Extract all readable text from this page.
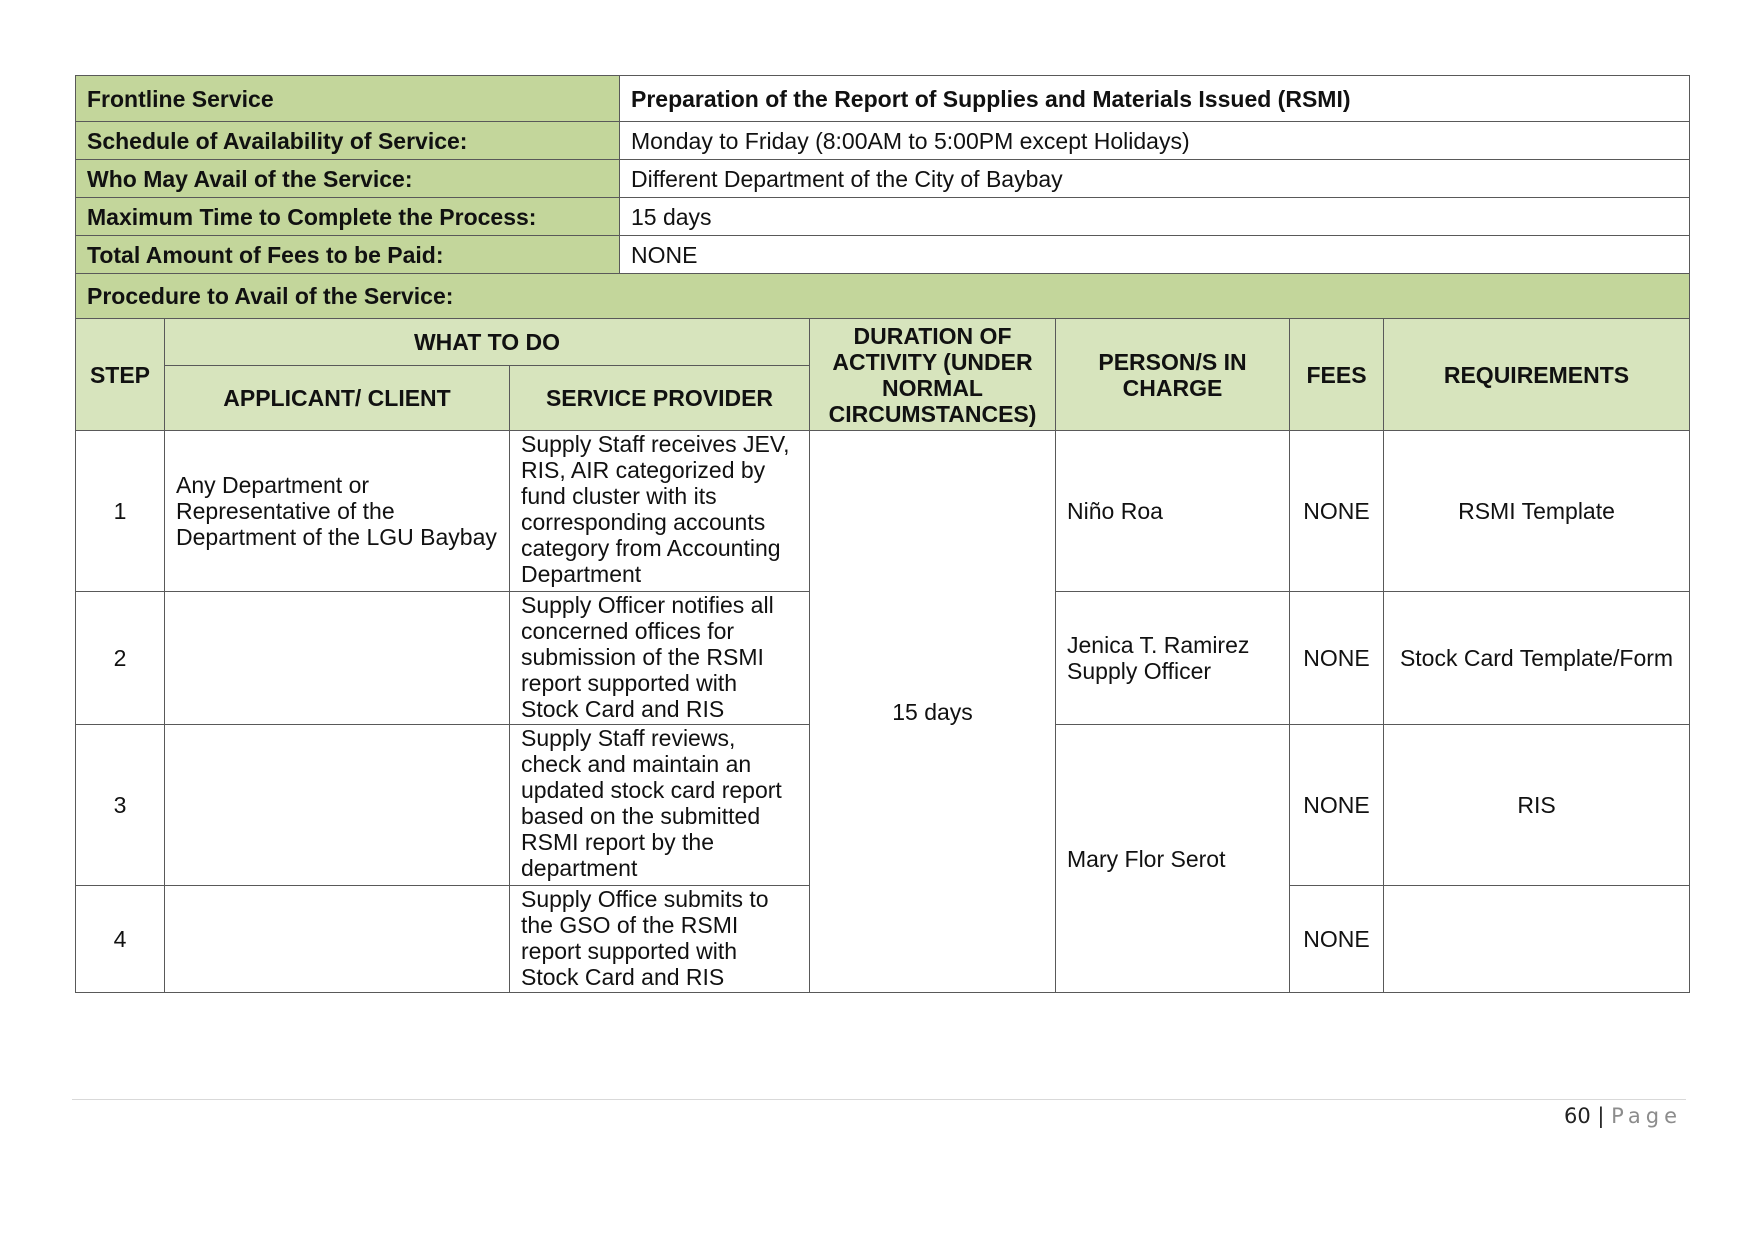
Frontline Service	Preparation of the Report of Supplies and Materials Issued (RSMI)
Schedule of Availability of Service:	Monday to Friday (8:00AM to 5:00PM except Holidays)
Who May Avail of the Service:	Different Department of the City of Baybay
Maximum Time to Complete the Process:	15 days
Total Amount of Fees to be Paid:	NONE
Procedure to Avail of the Service:	
STEP	WHAT TO DO		DURATION OF ACTIVITY (UNDER NORMAL CIRCUMSTANCES)	PERSON/S IN CHARGE	FEES	REQUIREMENTS
	APPLICANT/ CLIENT	SERVICE PROVIDER				
1	Any Department or Representative of the Department of the LGU Baybay	Supply Staff receives JEV, RIS, AIR categorized by fund cluster with its corresponding accounts category from Accounting Department	15 days	Niño Roa	NONE	RSMI Template
2		Supply Officer notifies all concerned offices for submission of the RSMI report supported with Stock Card and RIS		Jenica T. Ramirez Supply Officer	NONE	Stock Card Template/Form
3		Supply Staff reviews, check and maintain an updated stock card report based on the submitted RSMI report by the department		Mary Flor Serot	NONE	RIS
4		Supply Office submits to the GSO of the RSMI report supported with Stock Card and RIS			NONE	
60 | Page
